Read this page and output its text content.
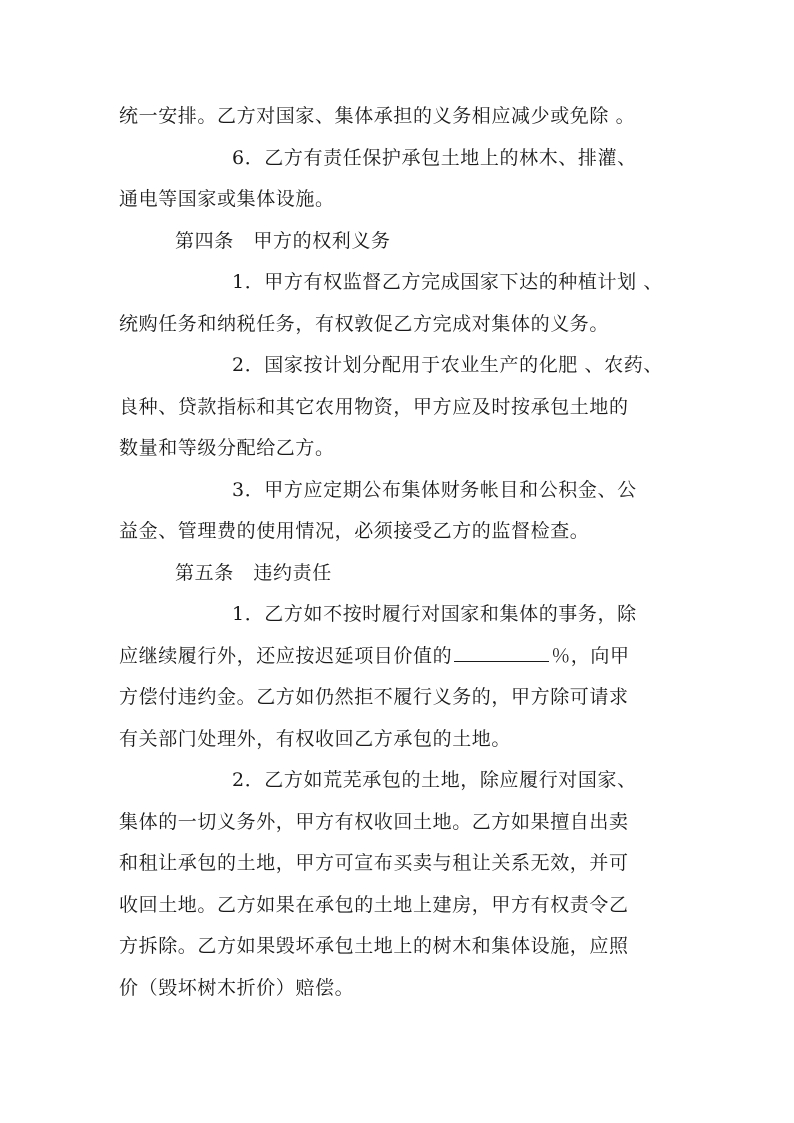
统一安排。乙方对国家、集体承担的义务相应减少或免除 。
6．乙方有责任保护承包土地上的林木、排灌、
通电等国家或集体设施。
第四条　甲方的权利义务
1．甲方有权监督乙方完成国家下达的种植计划 、
统购任务和纳税任务，有权敦促乙方完成对集体的义务。
2．国家按计划分配用于农业生产的化肥 、农药、
良种、贷款指标和其它农用物资，甲方应及时按承包土地的
数量和等级分配给乙方。
3．甲方应定期公布集体财务帐目和公积金、公
益金、管理费的使用情况，必须接受乙方的监督检查。
第五条　违约责任
1．乙方如不按时履行对国家和集体的事务，除
应继续履行外，还应按迟延项目价值的	％，向甲
方偿付违约金。乙方如仍然拒不履行义务的，甲方除可请求
有关部门处理外，有权收回乙方承包的土地。
2．乙方如荒芜承包的土地，除应履行对国家、
集体的一切义务外，甲方有权收回土地。乙方如果擅自出卖
和租让承包的土地，甲方可宣布买卖与租让关系无效，并可
收回土地。乙方如果在承包的土地上建房，甲方有权责令乙
方拆除。乙方如果毁坏承包土地上的树木和集体设施，应照
价（毁坏树木折价）赔偿。
